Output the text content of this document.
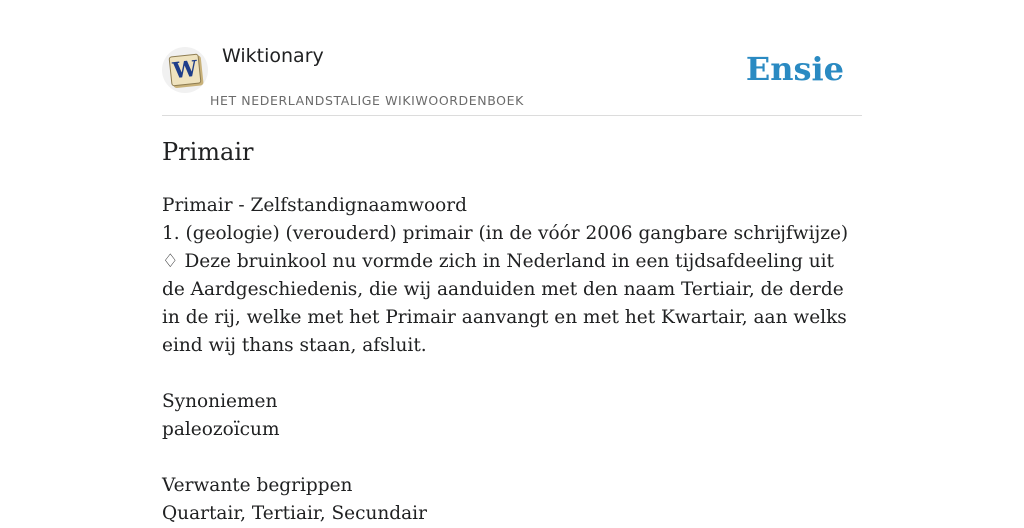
W Wiktionary
HET NEDERLANDSTALIGE WIKIWOORDENBOEK
Ensie
Primair

Primair - Zelfstandignaamwoord

1. (geologie) (verouderd) primair (in de vóór 2006 gangbare schrijfwijze)

♢ Deze bruinkool nu vormde zich in Nederland in een tijdsafdeeling uit de Aardgeschiedenis, die wij aanduiden met den naam Tertiair, de derde in de rij, welke met het Primair aanvangt en met het Kwartair, aan welks eind wij thans staan, afsluit.

Synoniemen

paleozoïcum

Verwante begrippen

Quartair, Tertiair, Secundair
